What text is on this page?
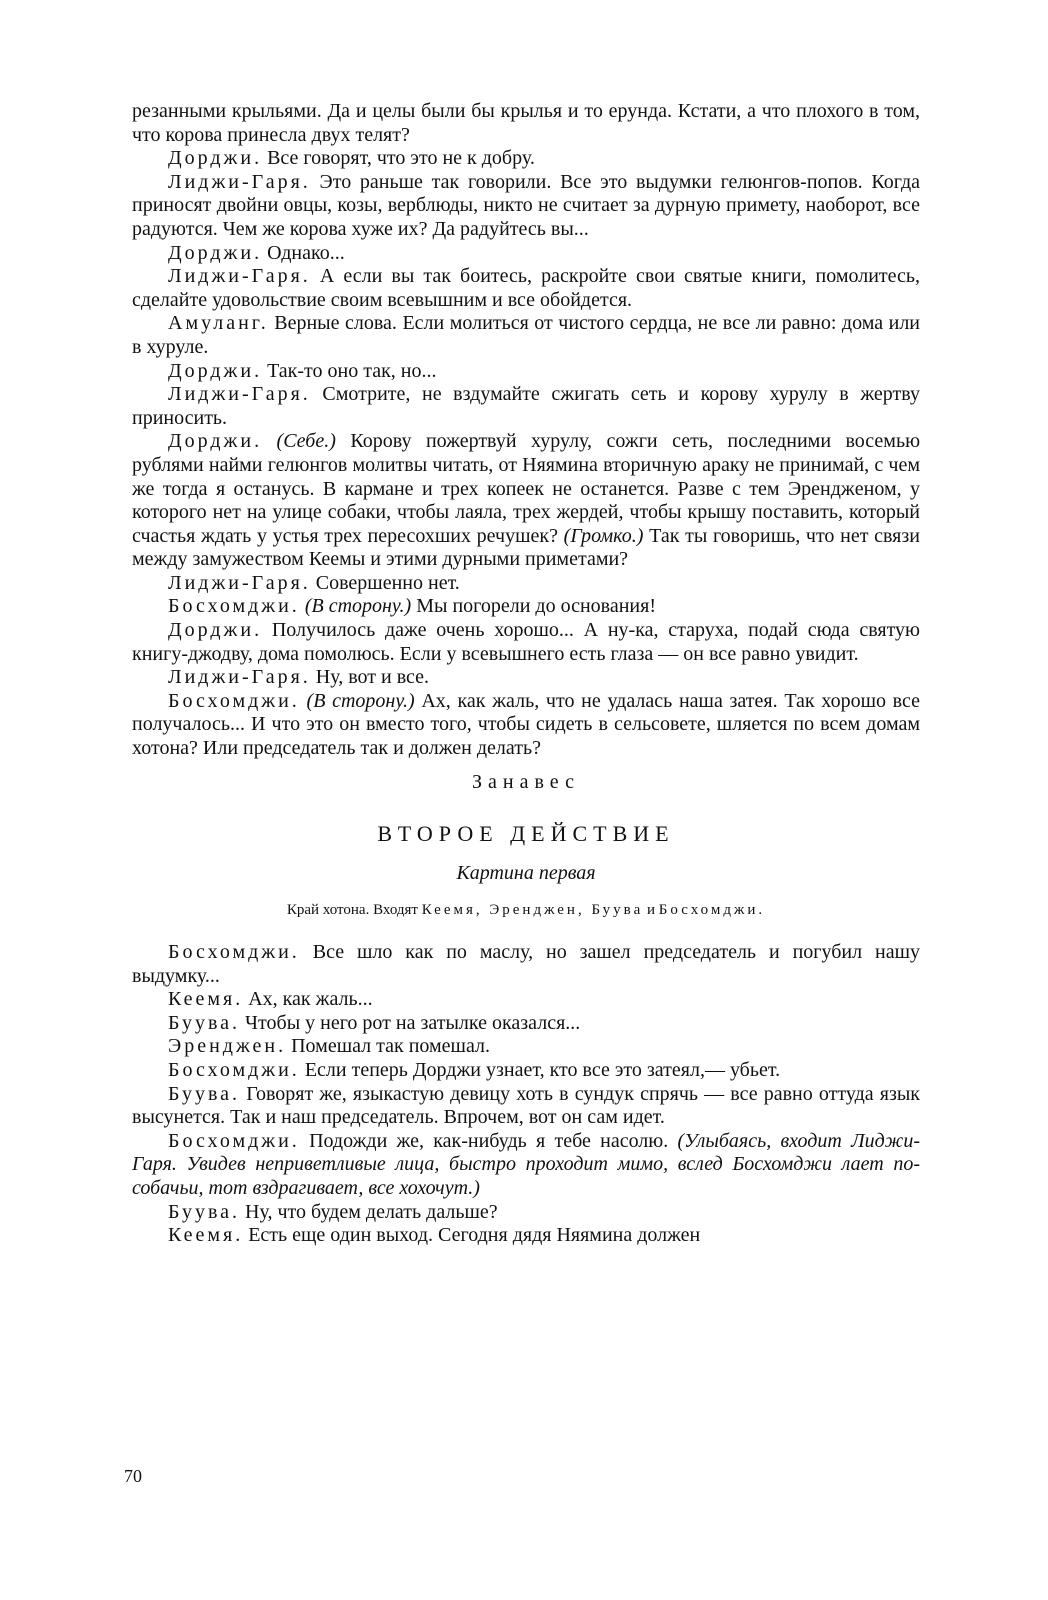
резанными крыльями. Да и целы были бы крылья и то ерунда. Кстати, а что плохого в том, что корова принесла двух телят?

Дорджи. Все говорят, что это не к добру.

Лиджи-Гаря. Это раньше так говорили. Все это выдумки гелюнгов-попов. Когда приносят двойни овцы, козы, верблюды, никто не считает за дурную примету, наоборот, все радуются. Чем же корова хуже их? Да радуйтесь вы...

Дорджи. Однако...

Лиджи-Гаря. А если вы так боитесь, раскройте свои святые книги, помолитесь, сделайте удовольствие своим всевышним и все обойдется.

Амуланг. Верные слова. Если молиться от чистого сердца, не все ли равно: дома или в хуруле.

Дорджи. Так-то оно так, но...

Лиджи-Гаря. Смотрите, не вздумайте сжигать сеть и корову хурулу в жертву приносить.

Дорджи. (Себе.) Корову пожертвуй хурулу, сожги сеть, последними восемью рублями найми гелюнгов молитвы читать, от Няямина вторичную араку не принимай, с чем же тогда я останусь. В кармане и трех копеек не останется. Разве с тем Эренджeном, у которого нет на улице собаки, чтобы лаяла, трех жердей, чтобы крышу поставить, который счастья ждать у устья трех пересохших речушек? (Громко.) Так ты говоришь, что нет связи между замужеством Кеемы и этими дурными приметами?

Лиджи-Гаря. Совершенно нет.

Босхомджи. (В сторону.) Мы погорели до основания!

Дорджи. Получилось даже очень хорошо... А ну-ка, старуха, подай сюда святую книгу-джодву, дома помолюсь. Если у всевышнего есть глаза — он все равно увидит.

Лиджи-Гаря. Ну, вот и все.

Босхомджи. (В сторону.) Ах, как жаль, что не удалась наша затея. Так хорошо все получалось... И что это он вместо того, чтобы сидеть в сельсовете, шляется по всем домам хотона? Или председатель так и должен делать?

Занавес

ВТОРОЕ ДЕЙСТВИЕ

Картина первая

Край хотона. Входят Кеемя, Эренджен, Буува и Босхомджи.

Босхомджи. Все шло как по маслу, но зашел председатель и погубил нашу выдумку...

Кеемя. Ах, как жаль...

Буува. Чтобы у него рот на затылке оказался...

Эренджен. Помешал так помешал.

Босхомджи. Если теперь Дорджи узнает, кто все это затеял,— убьет.

Буува. Говорят же, языкастую девицу хоть в сундук спрячь — все равно оттуда язык высунется. Так и наш председатель. Впрочем, вот он сам идет.

Босхомджи. Подожди же, как-нибудь я тебе насолю. (Улыбаясь, входит Лиджи-Гаря. Увидев неприветливые лица, быстро проходит мимо, вслед Босхомджи лает по-собачьи, тот вздрагивает, все хохочут.)

Буува. Ну, что будем делать дальше?

Кеемя. Есть еще один выход. Сегодня дядя Няямина должен

70
